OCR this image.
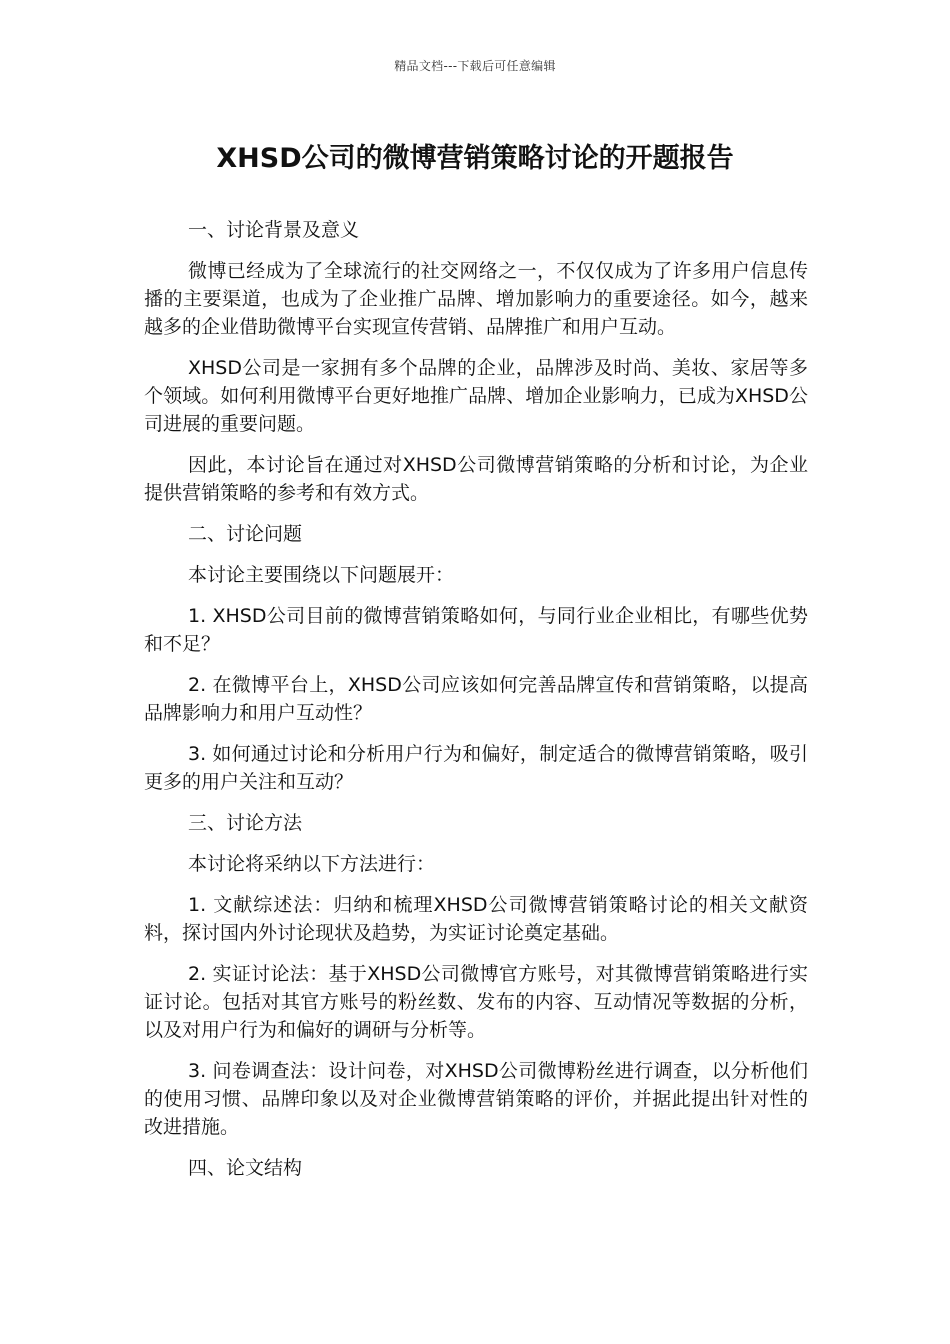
精品文档---下载后可任意编辑
XHSD公司的微博营销策略讨论的开题报告

一、讨论背景及意义

微博已经成为了全球流行的社交网络之一，不仅仅成为了许多用户信息传播的主要渠道，也成为了企业推广品牌、增加影响力的重要途径。如今，越来越多的企业借助微博平台实现宣传营销、品牌推广和用户互动。

XHSD公司是一家拥有多个品牌的企业，品牌涉及时尚、美妆、家居等多个领域。如何利用微博平台更好地推广品牌、增加企业影响力，已成为XHSD公司进展的重要问题。

因此，本讨论旨在通过对XHSD公司微博营销策略的分析和讨论，为企业提供营销策略的参考和有效方式。

二、讨论问题

本讨论主要围绕以下问题展开：

1. XHSD公司目前的微博营销策略如何，与同行业企业相比，有哪些优势和不足？

2. 在微博平台上，XHSD公司应该如何完善品牌宣传和营销策略，以提高品牌影响力和用户互动性？

3. 如何通过讨论和分析用户行为和偏好，制定适合的微博营销策略，吸引更多的用户关注和互动？

三、讨论方法

本讨论将采纳以下方法进行：

1. 文献综述法：归纳和梳理XHSD公司微博营销策略讨论的相关文献资料，探讨国内外讨论现状及趋势，为实证讨论奠定基础。

2. 实证讨论法：基于XHSD公司微博官方账号，对其微博营销策略进行实证讨论。包括对其官方账号的粉丝数、发布的内容、互动情况等数据的分析，以及对用户行为和偏好的调研与分析等。

3. 问卷调查法：设计问卷，对XHSD公司微博粉丝进行调查，以分析他们的使用习惯、品牌印象以及对企业微博营销策略的评价，并据此提出针对性的改进措施。

四、论文结构
